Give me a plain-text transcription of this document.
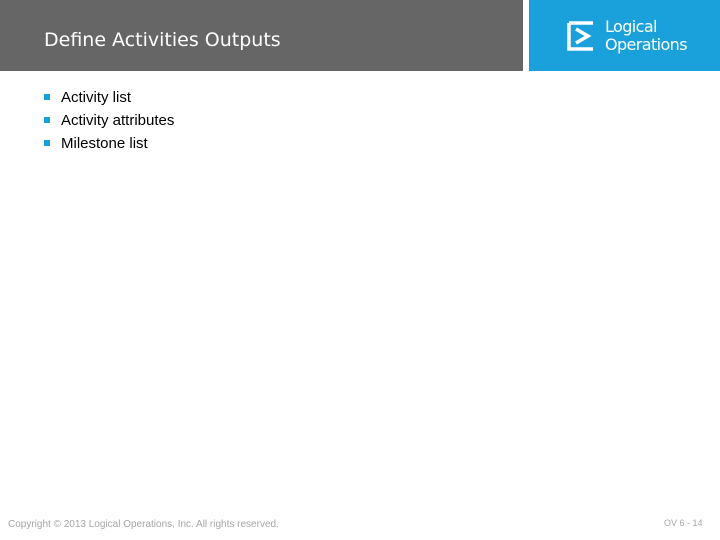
Define Activities Outputs
Logical
Operations
Activity list
Activity attributes
Milestone list
Copyright © 2013 Logical Operations, Inc. All rights reserved.	OV 6 - 14
